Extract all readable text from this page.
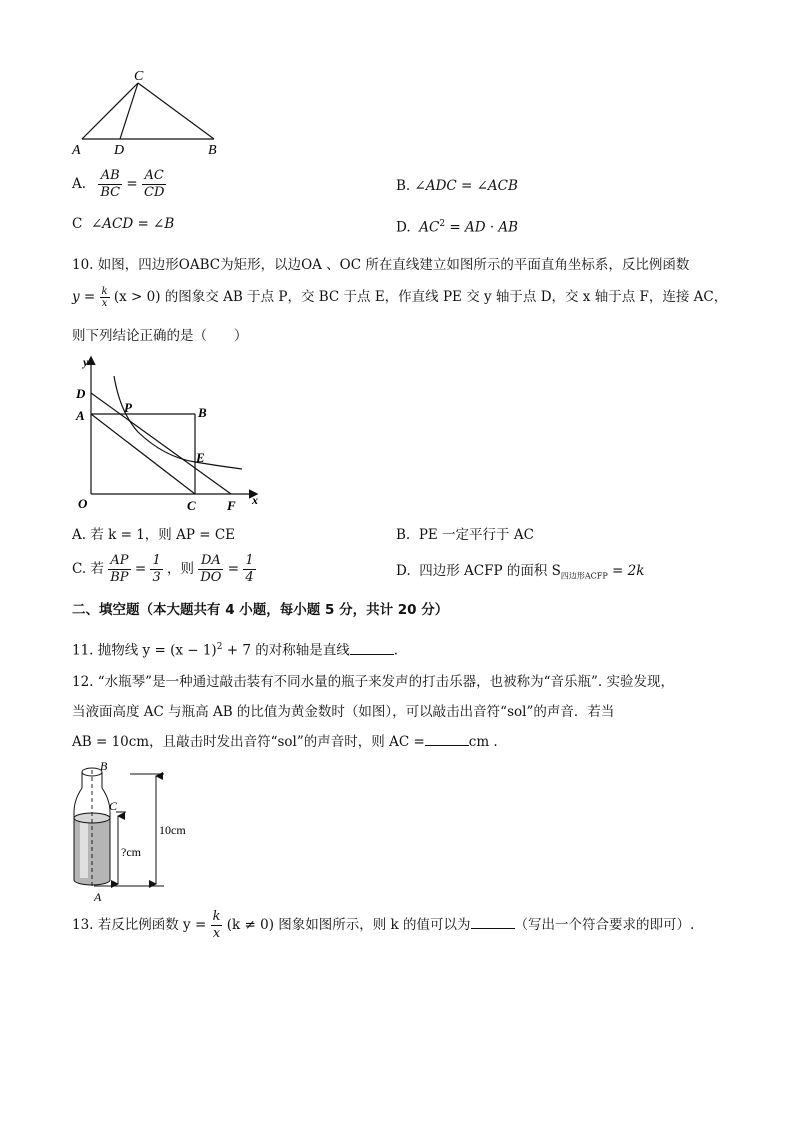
C
A D	B
A. $\frac{AB}{BC} = \frac{AC}{CD}$	B. ∠ADC = ∠ACB
C ∠ACD = ∠B	D. $AC^2$ = AD · AB
10. 如图，四边形OABC为矩形，以边OA 、OC 所在直线建立如图所示的平面直角坐标系，反比例函数
$y = \frac{k}{x} (x > 0)$ 的图象交 AB 于点 P，交 BC 于点 E，作直线 PE 交 y 轴于点 D，交 x 轴于点 F，连接 AC，
则下列结论正确的是（　　）
y
x
D
A
P	B
E
O	C F
A. 若 k = 1，则 AP = CE	B. PE 一定平行于 AC
C. 若 $\frac{AP}{BP} = \frac{1}{3}$ ，则 $\frac{DA}{DO} = \frac{1}{4}$	D. 四边形 ACFP 的面积 $S_{四边形ACFP} = 2k$
二、填空题（本大题共有 4 小题，每小题 5 分，共计 20 分）
11. 抛物线 $y = (x - 1)^2 + 7$ 的对称轴是直线	.
12. “水瓶琴”是一种通过敲击装有不同水量的瓶子来发声的打击乐器，也被称为“音乐瓶”. 实验发现，
当液面高度 AC 与瓶高 AB 的比值为黄金数时（如图），可以敲击出音符“sol”的声音．若当
AB = 10cm，且敲击时发出音符“sol”的声音时，则 AC =	cm .
B
C
A
10cm
?cm
13. 若反比例函数 $y = \frac{k}{x} (k \ne 0)$ 图象如图所示，则 k 的值可以为	（写出一个符合要求的即可）.
